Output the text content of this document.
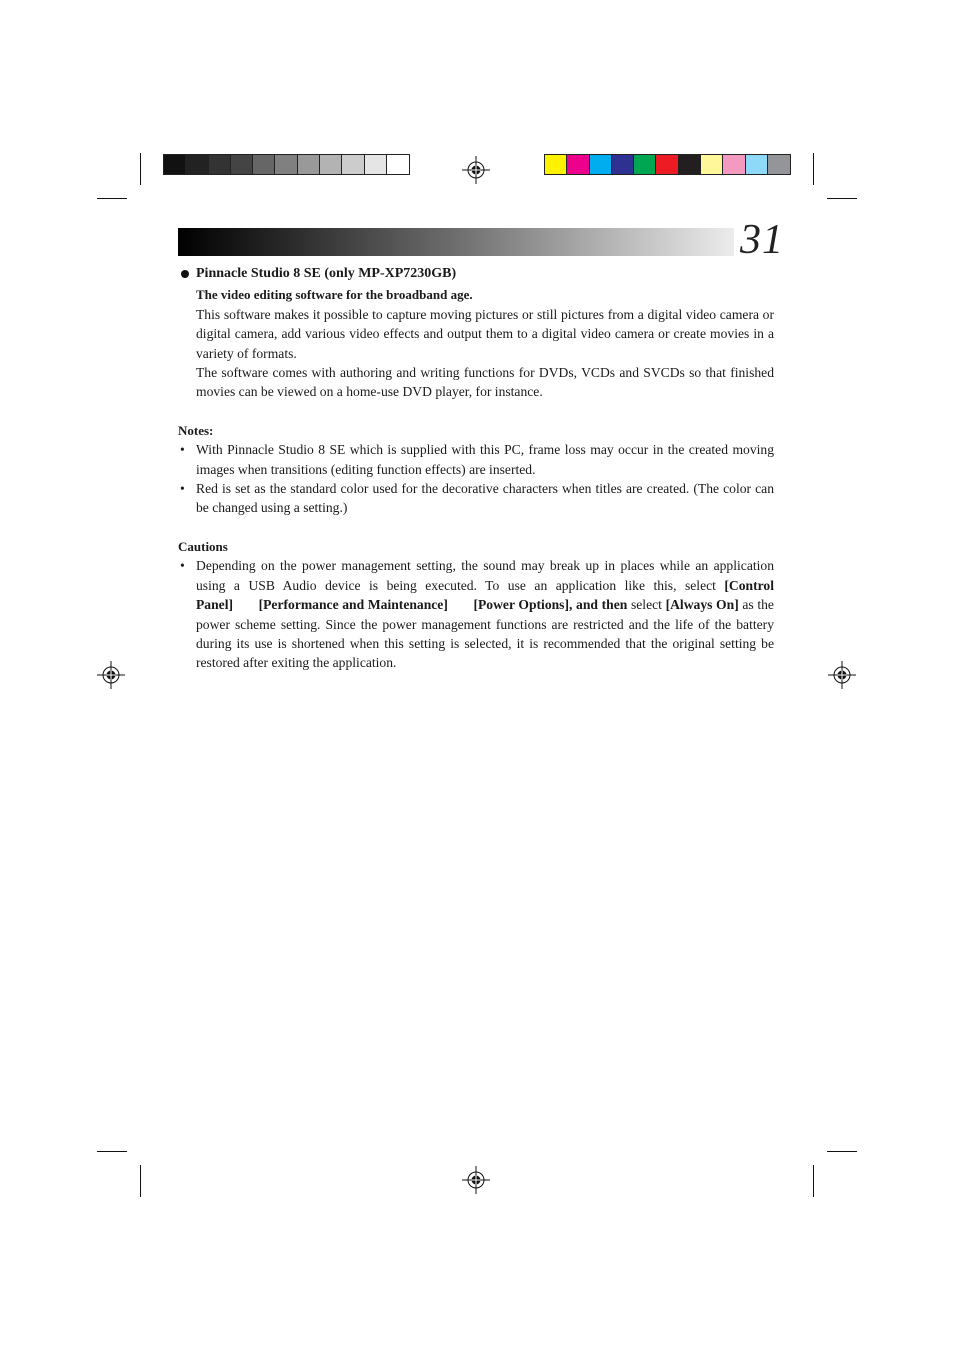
31
Pinnacle Studio 8 SE (only MP-XP7230GB)

The video editing software for the broadband age.

This software makes it possible to capture moving pictures or still pictures from a digital video camera or digital camera, add various video effects and output them to a digital video camera or create movies in a variety of formats.

The software comes with authoring and writing functions for DVDs, VCDs and SVCDs so that finished movies can be viewed on a home-use DVD player, for instance.

Notes:

• With Pinnacle Studio 8 SE which is supplied with this PC, frame loss may occur in the created moving images when transitions (editing function effects) are inserted.
• Red is set as the standard color used for the decorative characters when titles are created. (The color can be changed using a setting.)

Cautions

• Depending on the power management setting, the sound may break up in places while an application using a USB Audio device is being executed. To use an application like this, select [Control Panel] [Performance and Maintenance] [Power Options], and then select [Always On] as the power scheme setting. Since the power management functions are restricted and the life of the battery during its use is shortened when this setting is selected, it is recommended that the original setting be restored after exiting the application.
